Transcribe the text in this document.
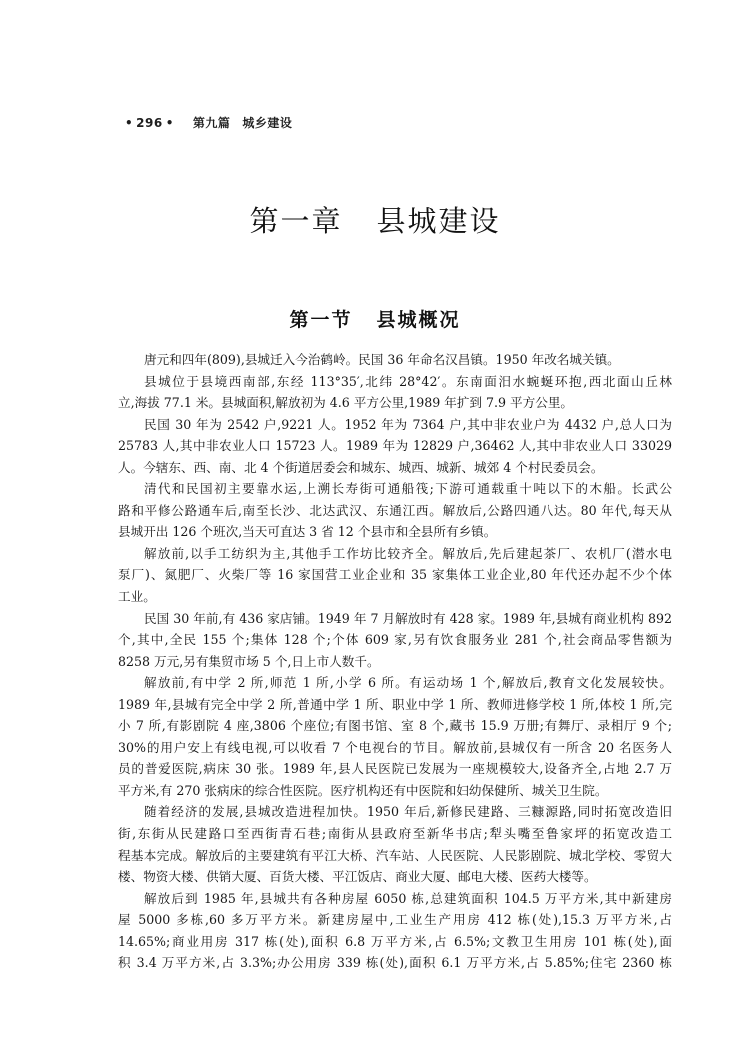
• 296 • 第九篇 城乡建设
第一章 县城建设
第一节 县城概况
唐元和四年(809),县城迁入今治鹤岭。民国 36 年命名汉昌镇。1950 年改名城关镇。
县城位于县境西南部,东经 113°35′,北纬 28°42′。东南面汨水蜿蜒环抱,西北面山丘林
立,海拔 77.1 米。县城面积,解放初为 4.6 平方公里,1989 年扩到 7.9 平方公里。
民国 30 年为 2542 户,9221 人。1952 年为 7364 户,其中非农业户为 4432 户,总人口为
25783 人,其中非农业人口 15723 人。1989 年为 12829 户,36462 人,其中非农业人口 33029
人。今辖东、西、南、北 4 个街道居委会和城东、城西、城新、城郊 4 个村民委员会。
清代和民国初主要靠水运,上溯长寿街可通船筏;下游可通载重十吨以下的木船。长武公
路和平修公路通车后,南至长沙、北达武汉、东通江西。解放后,公路四通八达。80 年代,每天从
县城开出 126 个班次,当天可直达 3 省 12 个县市和全县所有乡镇。
解放前,以手工纺织为主,其他手工作坊比较齐全。解放后,先后建起茶厂、农机厂(潜水电
泵厂)、氮肥厂、火柴厂等 16 家国营工业企业和 35 家集体工业企业,80 年代还办起不少个体
工业。
民国 30 年前,有 436 家店铺。1949 年 7 月解放时有 428 家。1989 年,县城有商业机构 892
个,其中,全民 155 个;集体 128 个;个体 609 家,另有饮食服务业 281 个,社会商品零售额为
8258 万元,另有集贸市场 5 个,日上市人数千。
解放前,有中学 2 所,师范 1 所,小学 6 所。有运动场 1 个,解放后,教育文化发展较快。
1989 年,县城有完全中学 2 所,普通中学 1 所、职业中学 1 所、教师进修学校 1 所,体校 1 所,完
小 7 所,有影剧院 4 座,3806 个座位;有图书馆、室 8 个,藏书 15.9 万册;有舞厅、录相厅 9 个;
30%的用户安上有线电视,可以收看 7 个电视台的节目。解放前,县城仅有一所含 20 名医务人
员的普爱医院,病床 30 张。1989 年,县人民医院已发展为一座规模较大,设备齐全,占地 2.7 万
平方米,有 270 张病床的综合性医院。医疗机构还有中医院和妇幼保健所、城关卫生院。
随着经济的发展,县城改造进程加快。1950 年后,新修民建路、三糠源路,同时拓宽改造旧
街,东街从民建路口至西街青石巷;南街从县政府至新华书店;犁头嘴至鲁家坪的拓宽改造工
程基本完成。解放后的主要建筑有平江大桥、汽车站、人民医院、人民影剧院、城北学校、零贸大
楼、物资大楼、供销大厦、百货大楼、平江饭店、商业大厦、邮电大楼、医药大楼等。
解放后到 1985 年,县城共有各种房屋 6050 栋,总建筑面积 104.5 万平方米,其中新建房
屋 5000 多栋,60 多万平方米。新建房屋中,工业生产用房 412 栋(处),15.3 万平方米,占
14.65%;商业用房 317 栋(处),面积 6.8 万平方米,占 6.5%;文教卫生用房 101 栋(处),面
积 3.4 万平方米,占 3.3%;办公用房 339 栋(处),面积 6.1 万平方米,占 5.85%;住宅 2360 栋
